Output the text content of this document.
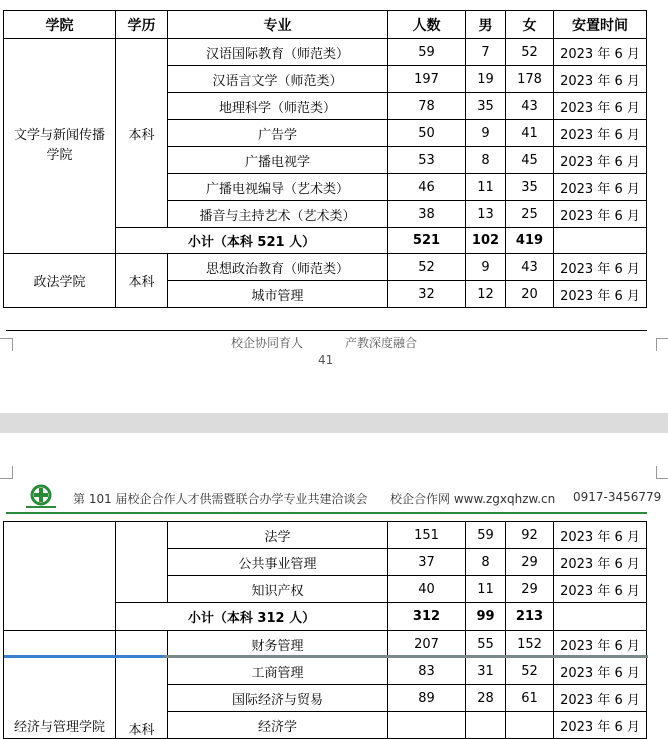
学院	学历	专业	人数	男	女	安置时间
文学与新闻传播学院	本科	汉语国际教育（师范类）	59	7	52	2023 年 6 月
		汉语言文学（师范类）	197	19	178	2023 年 6 月
		地理科学（师范类）	78	35	43	2023 年 6 月
		广告学	50	9	41	2023 年 6 月
		广播电视学	53	8	45	2023 年 6 月
		广播电视编导（艺术类）	46	11	35	2023 年 6 月
		播音与主持艺术（艺术类）	38	13	25	2023 年 6 月
	小计（本科 521 人）		521	102	419	
政法学院	本科	思想政治教育（师范类）	52	9	43	2023 年 6 月
		城市管理	32	12	20	2023 年 6 月
校企协同育人	产教深度融合
41
第 101 届校企合作人才供需暨联合办学专业共建洽谈会 校企合作网 www.zgxqhzw.cn 0917-3456779
		法学	151	59	92	2023 年 6 月
		公共事业管理	37	8	29	2023 年 6 月
		知识产权	40	11	29	2023 年 6 月
	小计（本科 312 人）		312	99	213	
经济与管理学院	本科	财务管理	207	55	152	2023 年 6 月
		工商管理	83	31	52	2023 年 6 月
		国际经济与贸易	89	28	61	2023 年 6 月
		经济学				2023 年 6 月
